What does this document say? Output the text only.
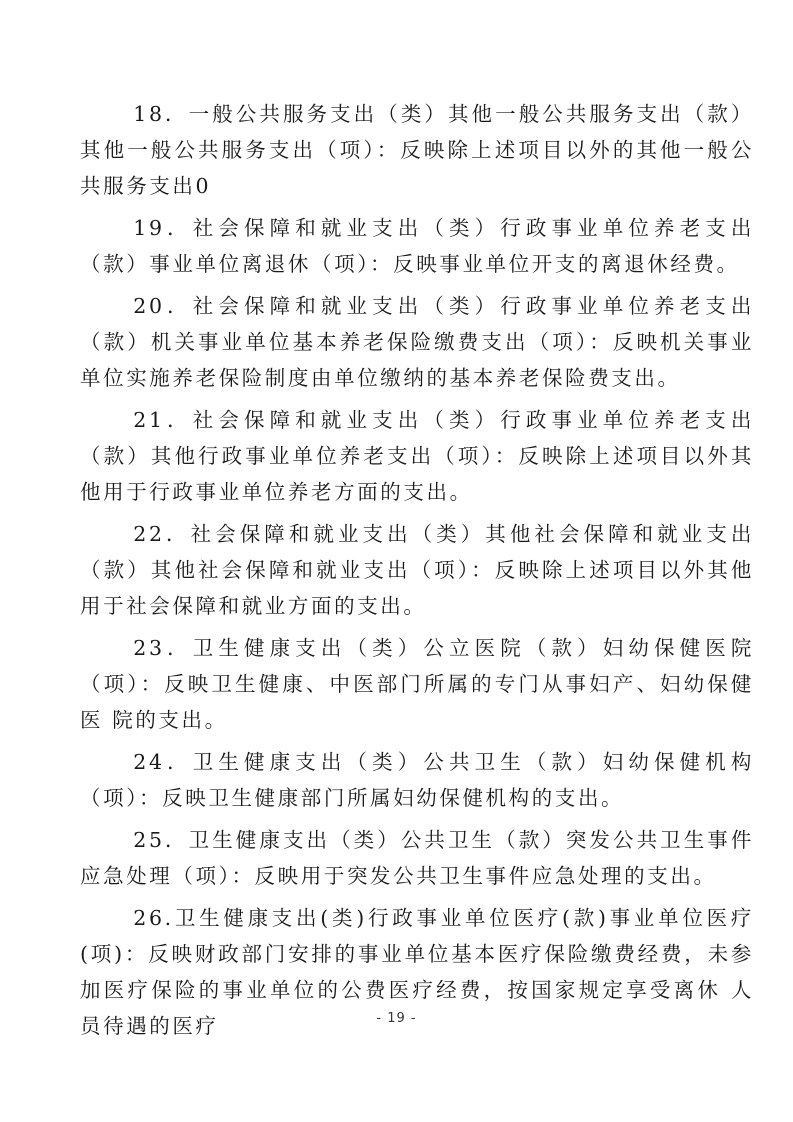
18．一般公共服务支出（类）其他一般公共服务支出（款）其他一般公共服务支出（项）：反映除上述项目以外的其他一般公共服务支出0

19．社会保障和就业支出（类）行政事业单位养老支出（款）事业单位离退休（项）：反映事业单位开支的离退休经费。

20．社会保障和就业支出（类）行政事业单位养老支出（款）机关事业单位基本养老保险缴费支出（项）：反映机关事业单位实施养老保险制度由单位缴纳的基本养老保险费支出。

21．社会保障和就业支出（类）行政事业单位养老支出（款）其他行政事业单位养老支出（项）：反映除上述项目以外其他用于行政事业单位养老方面的支出。

22．社会保障和就业支出（类）其他社会保障和就业支出（款）其他社会保障和就业支出（项）：反映除上述项目以外其他用于社会保障和就业方面的支出。

23．卫生健康支出（类）公立医院（款）妇幼保健医院（项）：反映卫生健康、中医部门所属的专门从事妇产、妇幼保健医 院的支出。

24．卫生健康支出（类）公共卫生（款）妇幼保健机构（项）：反映卫生健康部门所属妇幼保健机构的支出。

25．卫生健康支出（类）公共卫生（款）突发公共卫生事件应急处理（项）：反映用于突发公共卫生事件应急处理的支出。

26.卫生健康支出(类)行政事业单位医疗(款)事业单位医疗(项)：反映财政部门安排的事业单位基本医疗保险缴费经费，未参 加医疗保险的事业单位的公费医疗经费，按国家规定享受离休 人员待遇的医疗	- 19 -
